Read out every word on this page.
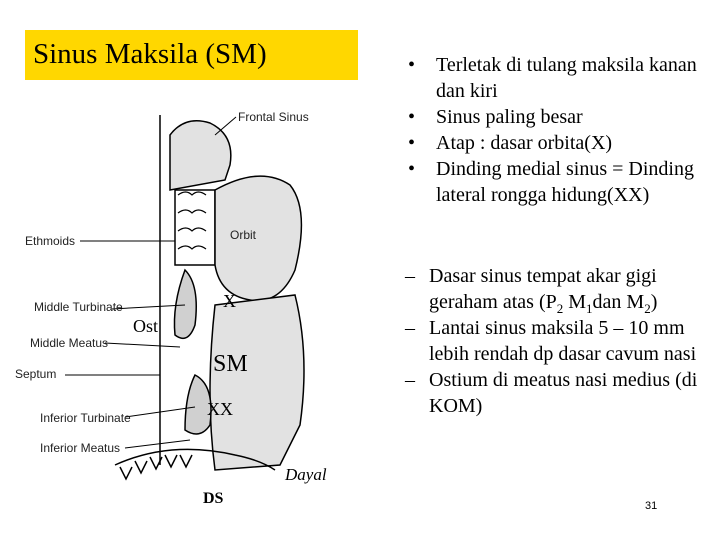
Sinus Maksila (SM)
Frontal Sinus
Ethmoids	Orbit
Middle Turbinate
Middle Meatus
Septum
Inferior Turbinate
Inferior Meatus
Ost
X
SM
XX
DS
Dayal
• Terletak di tulang maksila kanan dan kiri
• Sinus paling besar
• Atap : dasar orbita(X)
• Dinding medial sinus = Dinding lateral rongga hidung(XX)
– Dasar sinus tempat akar gigi geraham atas ($P_2$ $M_1dan$ $M_2$)
– Lantai sinus maksila 5 – 10 mm lebih rendah dp dasar cavum nasi
– Ostium di meatus nasi medius (di KOM)
31
